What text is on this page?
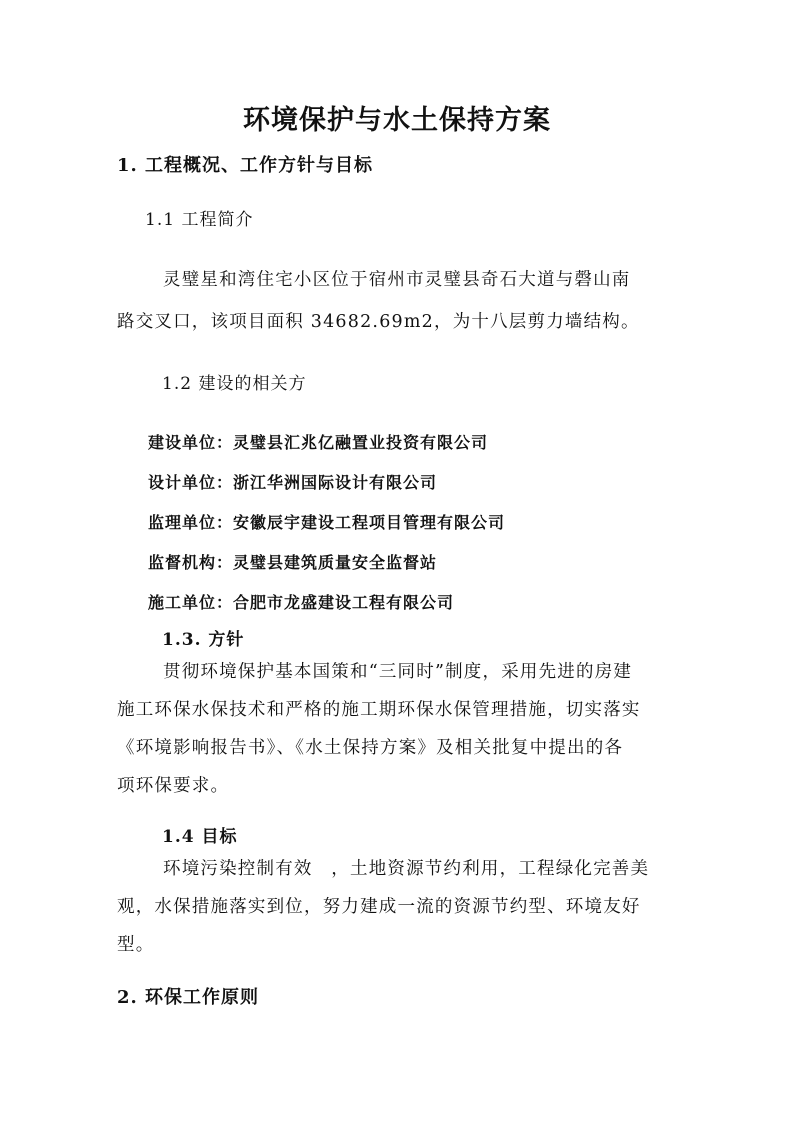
环境保护与水土保持方案
1. 工程概况、工作方针与目标
1.1 工程简介
灵璧星和湾住宅小区位于宿州市灵璧县奇石大道与磬山南
路交叉口，该项目面积 34682.69m2，为十八层剪力墙结构。
1.2 建设的相关方
建设单位：灵璧县汇兆亿融置业投资有限公司
设计单位：浙江华洲国际设计有限公司
监理单位：安徽辰宇建设工程项目管理有限公司
监督机构：灵璧县建筑质量安全监督站
施工单位：合肥市龙盛建设工程有限公司
1.3. 方针
贯彻环境保护基本国策和“三同时”制度，采用先进的房建
施工环保水保技术和严格的施工期环保水保管理措施，切实落实
《环境影响报告书》、《水土保持方案》及相关批复中提出的各
项环保要求。
1.4 目标
环境污染控制有效　，土地资源节约利用，工程绿化完善美
观，水保措施落实到位，努力建成一流的资源节约型、环境友好
型。
2. 环保工作原则
